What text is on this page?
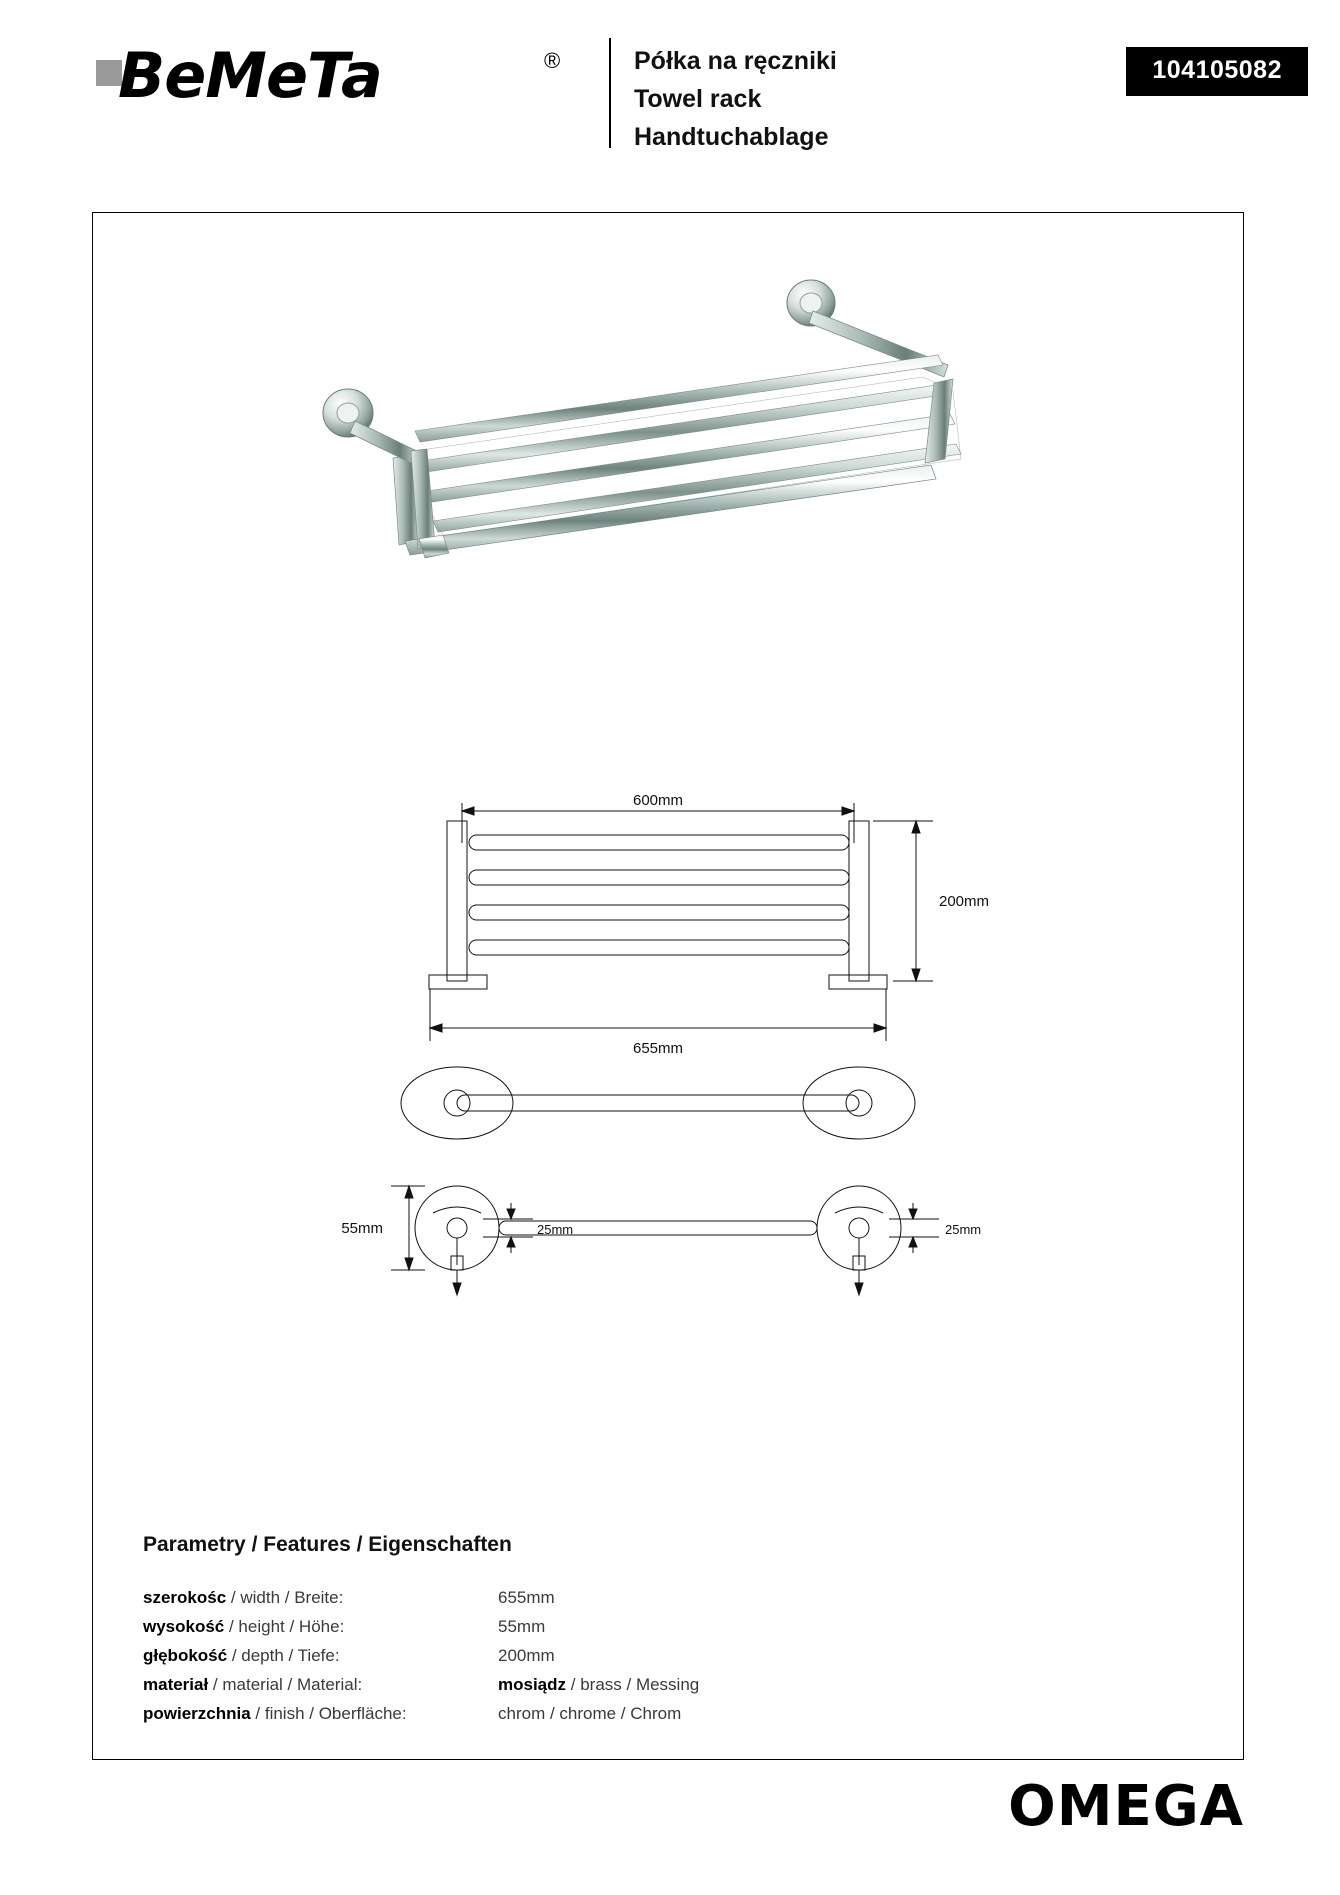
BeMeTa	®	Półka na ręczniki
Towel rack
Handtuchablage
104105082
600mm
200mm
655mm
55mm	25mm	25mm
Parametry / Features / Eigenschaften
szerokośc / width / Breite:	655mm
wysokość / height / Höhe:	55mm
głębokość / depth / Tiefe:	200mm
materiał / material / Material:	mosiądz / brass / Messing
powierzchnia / finish / Oberfläche:	chrom / chrome / Chrom
OMEGA
